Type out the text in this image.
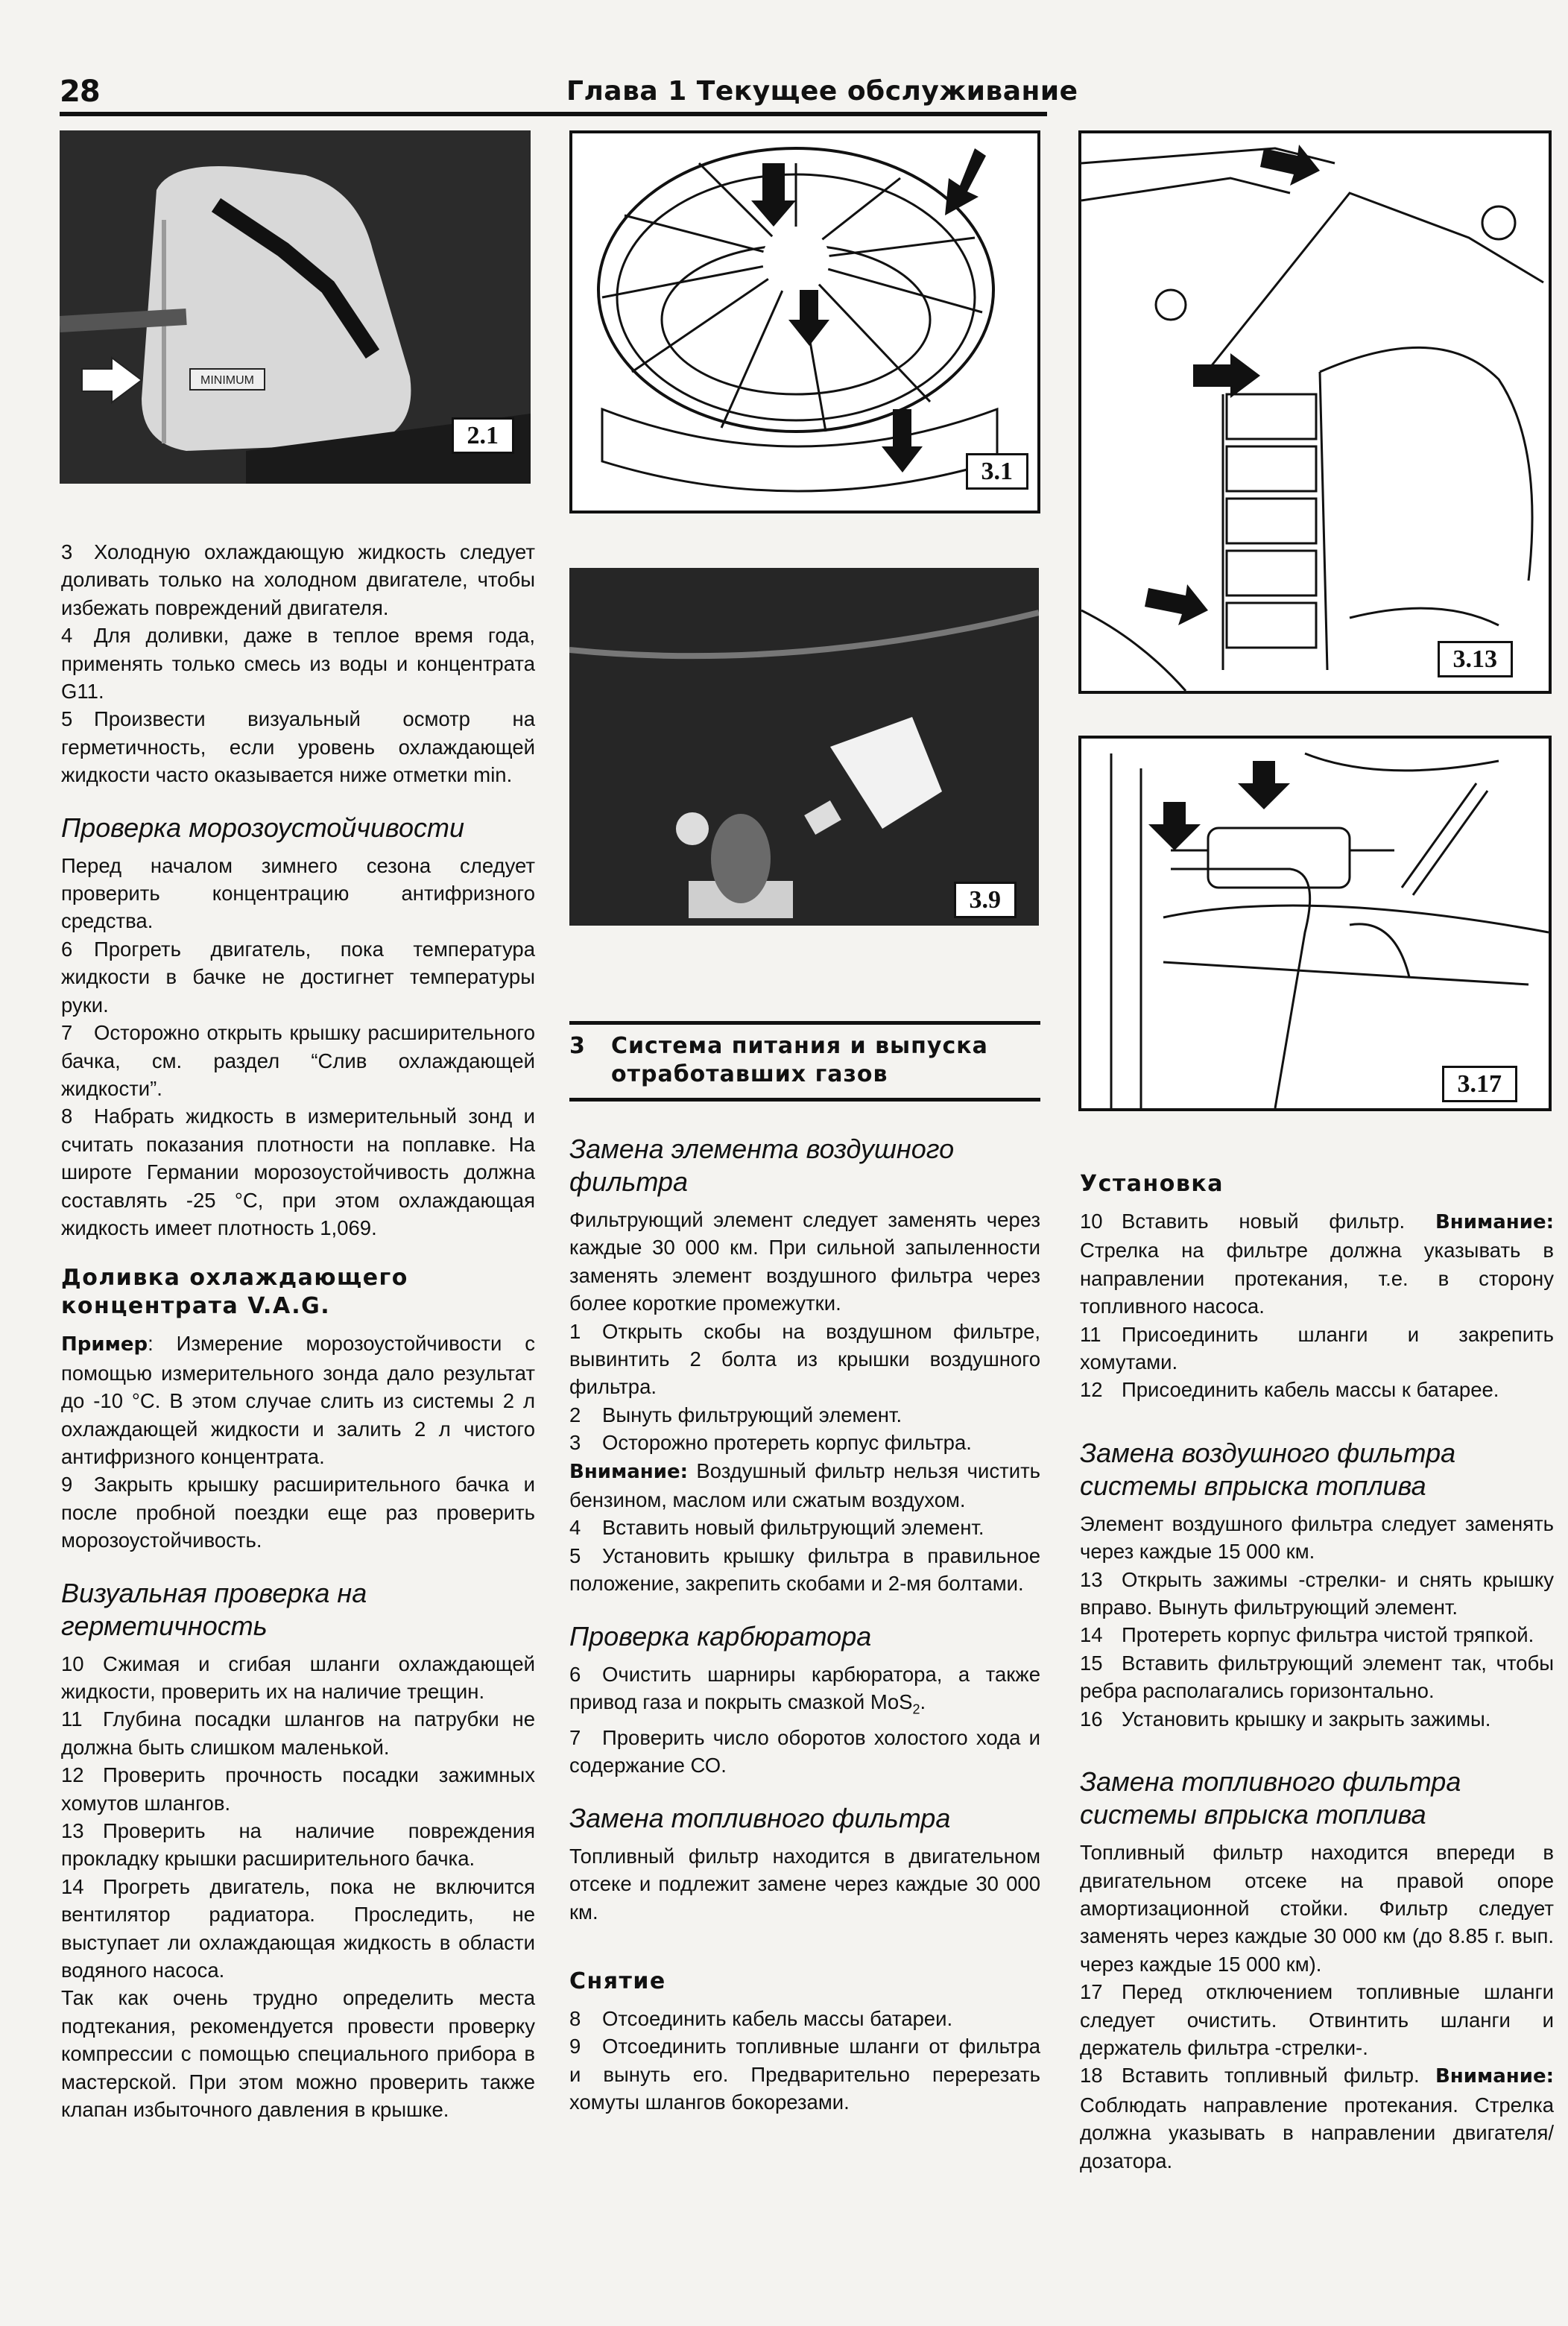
28	Глава 1 Текущее обслуживание
MINIMUM
2.1
3.1
3.13
3.9
3.17

3 Холодную охлаждающую жидкость следует доливать только на холодном двигателе, чтобы избежать повреждений двигателя.

4 Для доливки, даже в теплое время года, применять только смесь из воды и концентрата G11.

5 Произвести визуальный осмотр на герметичность, если уровень охлаждающей жидкости часто оказывается ниже отметки min.

Проверка морозоустойчивости

Перед началом зимнего сезона следует проверить концентрацию антифризного средства.

6 Прогреть двигатель, пока температура жидкости в бачке не достигнет температуры руки.

7 Осторожно открыть крышку расширительного бачка, см. раздел “Слив охлаждающей жидкости”.

8 Набрать жидкость в измерительный зонд и считать показания плотности на поплавке. На широте Германии морозоустойчивость должна составлять -25 °С, при этом охлаждающая жидкость имеет плотность 1,069.

Доливка охлаждающего концентрата V.A.G.

Пример: Измерение морозоустойчивости с помощью измерительного зонда дало результат до -10 °С. В этом случае слить из системы 2 л охлаждающей жидкости и залить 2 л чистого антифризного концентрата.

9 Закрыть крышку расширительного бачка и после пробной поездки еще раз проверить морозоустойчивость.

Визуальная проверка на герметичность

10 Сжимая и сгибая шланги охлаждающей жидкости, проверить их на наличие трещин.

11 Глубина посадки шлангов на патрубки не должна быть слишком маленькой.

12 Проверить прочность посадки зажимных хомутов шлангов.

13 Проверить на наличие повреждения прокладку крышки расширительного бачка.

14 Прогреть двигатель, пока не включится вентилятор радиатора. Проследить, не выступает ли охлаждающая жидкость в области водяного насоса.

Так как очень трудно определить места подтекания, рекомендуется провести проверку компрессии с помощью специального прибора в мастерской. При этом можно проверить также клапан избыточного давления в крышке.

3 Система питания и выпуска отработавших газов

Замена элемента воздушного фильтра

Фильтрующий элемент следует заменять через каждые 30 000 км. При сильной запыленности заменять элемент воздушного фильтра через более короткие промежутки.

1 Открыть скобы на воздушном фильтре, вывинтить 2 болта из крышки воздушного фильтра.

2 Вынуть фильтрующий элемент.

3 Осторожно протереть корпус фильтра.

Внимание: Воздушный фильтр нельзя чистить бензином, маслом или сжатым воздухом.

4 Вставить новый фильтрующий элемент.

5 Установить крышку фильтра в правильное положение, закрепить скобами и 2-мя болтами.

Проверка карбюратора

6 Очистить шарниры карбюратора, а также привод газа и покрыть смазкой MoS$_2$.

7 Проверить число оборотов холостого хода и содержание СО.

Замена топливного фильтра

Топливный фильтр находится в двигательном отсеке и подлежит замене через каждые 30 000 км.

Снятие

8 Отсоединить кабель массы батареи.

9 Отсоединить топливные шланги от фильтра и вынуть его. Предварительно перерезать хомуты шлангов бокорезами.

Установка

10 Вставить новый фильтр. Внимание: Стрелка на фильтре должна указывать в направлении протекания, т.е. в сторону топливного насоса.

11 Присоединить шланги и закрепить хомутами.

12 Присоединить кабель массы к батарее.

Замена воздушного фильтра системы впрыска топлива

Элемент воздушного фильтра следует заменять через каждые 15 000 км.

13 Открыть зажимы -стрелки- и снять крышку вправо. Вынуть фильтрующий элемент.

14 Протереть корпус фильтра чистой тряпкой.

15 Вставить фильтрующий элемент так, чтобы ребра располагались горизонтально.

16 Установить крышку и закрыть зажимы.

Замена топливного фильтра системы впрыска топлива

Топливный фильтр находится впереди в двигательном отсеке на правой опоре амортизационной стойки. Фильтр следует заменять через каждые 30 000 км (до 8.85 г. вып. через каждые 15 000 км).

17 Перед отключением топливные шланги следует очистить. Отвинтить шланги и держатель фильтра -стрелки-.

18 Вставить топливный фильтр. Внимание: Соблюдать направление протекания. Стрелка должна указывать в направлении двигателя/дозатора.
